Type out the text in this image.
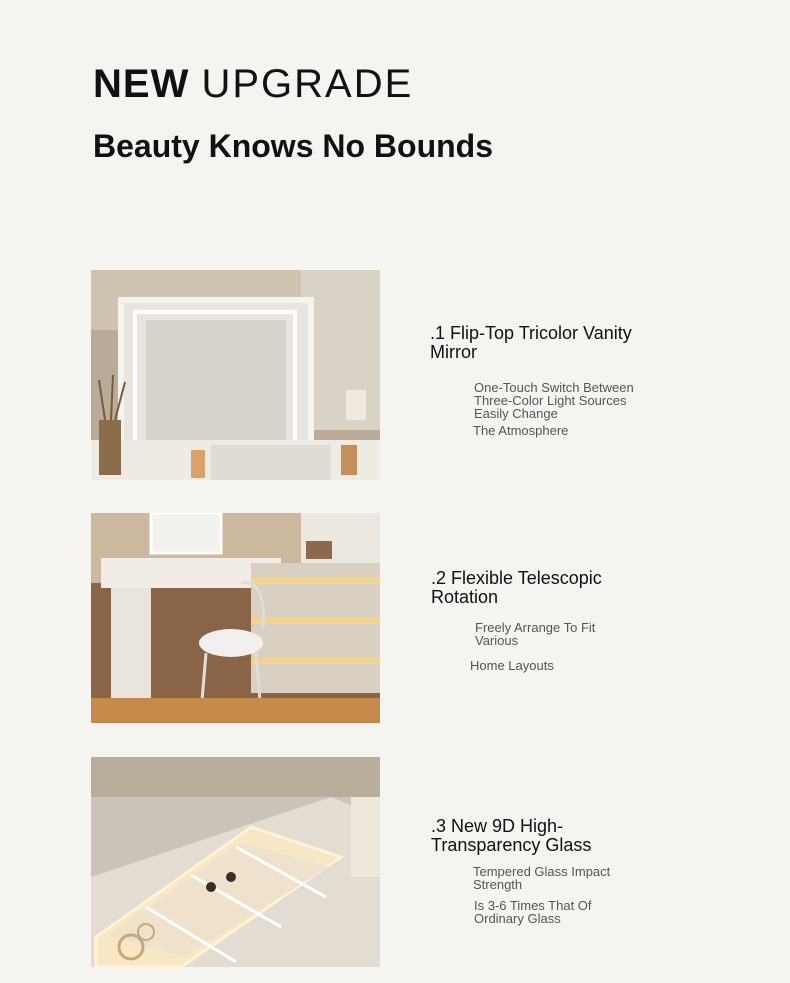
NEW UPGRADE
Beauty Knows No Bounds
.1 Flip-Top Tricolor Vanity Mirror
One-Touch Switch Between Three-Color Light Sources Easily Change
The Atmosphere
.2 Flexible Telescopic Rotation
Freely Arrange To Fit Various
Home Layouts
.3 New 9D High-Transparency Glass
Tempered Glass Impact Strength
Is 3-6 Times That Of Ordinary Glass
